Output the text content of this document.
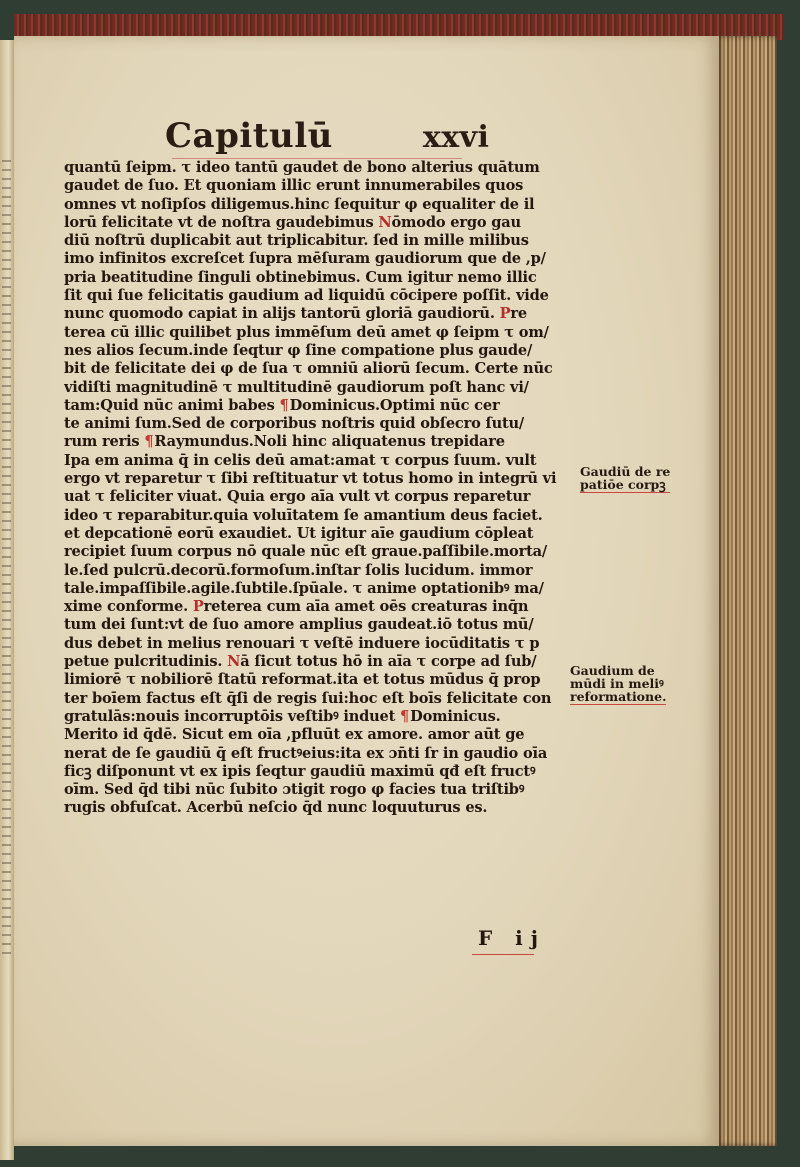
Capitulū	xxvi
quantū ſeipm. τ ideo tantū gaudet de bono alterius quātum
gaudet de ſuo. Et quoniam illic erunt innumerabiles quos
omnes vt noſipſos diligemus.hinc ſequitur φ equaliter de il
lorū felicitate vt de noſtra gaudebimus Nōmodo ergo gau
diū noſtrū duplicabit aut triplicabitur. ſed in mille milibus
imo infinitos excreſcet ſupra mēſuram gaudiorum que de ,p/
pria beatitudine ſinguli obtinebimus. Cum igitur nemo illic
ſit qui ſue felicitatis gaudium ad liquidū cōcipere poſſit. vide
nunc quomodo capiat in alijs tantorū gloriā gaudiorū. Pre
terea cū illic quilibet plus immēſum deū amet φ ſeipm τ om/
nes alios ſecum.inde ſeqtur φ ſine compatione plus gaude/
bit de felicitate dei φ de ſua τ omniū aliorū ſecum. Certe nūc
vidiſti magnitudinē τ multitudinē gaudiorum poſt hanc vi/
tam:Quid nūc animi babes ¶ Dominicus.Optimi nūc cer
te animi ſum.Sed de corporibus noſtris quid obſecro ſutu/
rum reris ¶ Raymundus.Noli hinc aliquatenus trepidare
Ipa em anima q̄ in celis deū amat:amat τ corpus ſuum. vult
ergo vt reparetur τ ſibi reſtituatur vt totus homo in integrū vi
uat τ feliciter viuat. Quia ergo aīa vult vt corpus reparetur
ideo τ reparabitur.quia voluītatem ſe amantium deus faciet.
et depcationē eorū exaudiet. Ut igitur aīe gaudium cōpleat
recipiet ſuum corpus nō quale nūc eſt graue.paſſibile.morta/
le.ſed pulcrū.decorū.formoſum.inſtar ſolis lucidum. immor
tale.impaſſibile.agile.ſubtile.ſpūale. τ anime optationibꝰ ma/
xime conforme. Preterea cum aīa amet oēs creaturas inq̄n
tum dei ſunt:vt de ſuo amore amplius gaudeat.iō totus mū/
dus debet in melius renouari τ veſtē induere iocūditatis τ p
petue pulcritudinis. Nā ſicut totus hō in aīa τ corpe ad ſub/
limiorē τ nobiliorē ſtatū reformat.ita et totus mūdus q̄ prop
ter boīem factus eſt q̄ſi de regis ſui:hoc eſt boīs felicitate con
gratulās:nouis incorruptōis veſtibꝰ induet ¶ Dominicus.
Merito id q̄dē. Sicut em oīa ,pfluūt ex amore. amor aūt ge
nerat de ſe gaudiū q̄ eſt fructꝰeius:ita ex ɔn̄ti ſr in gaudio oīa
ficꝫ diſponunt vt ex ipis ſeqtur gaudiū maximū qđ eſt fructꝰ
oīm. Sed q̄d tibi nūc ſubito ɔtigit rogo φ facies tua triſtibꝰ
rugis obfuſcat. Acerbū neſcio q̄d nunc loquuturus es.
Gaudiū de re
patiōe corpꝫ
Gaudium de
mūdi in meliꝰ
reformatione.
F ij
